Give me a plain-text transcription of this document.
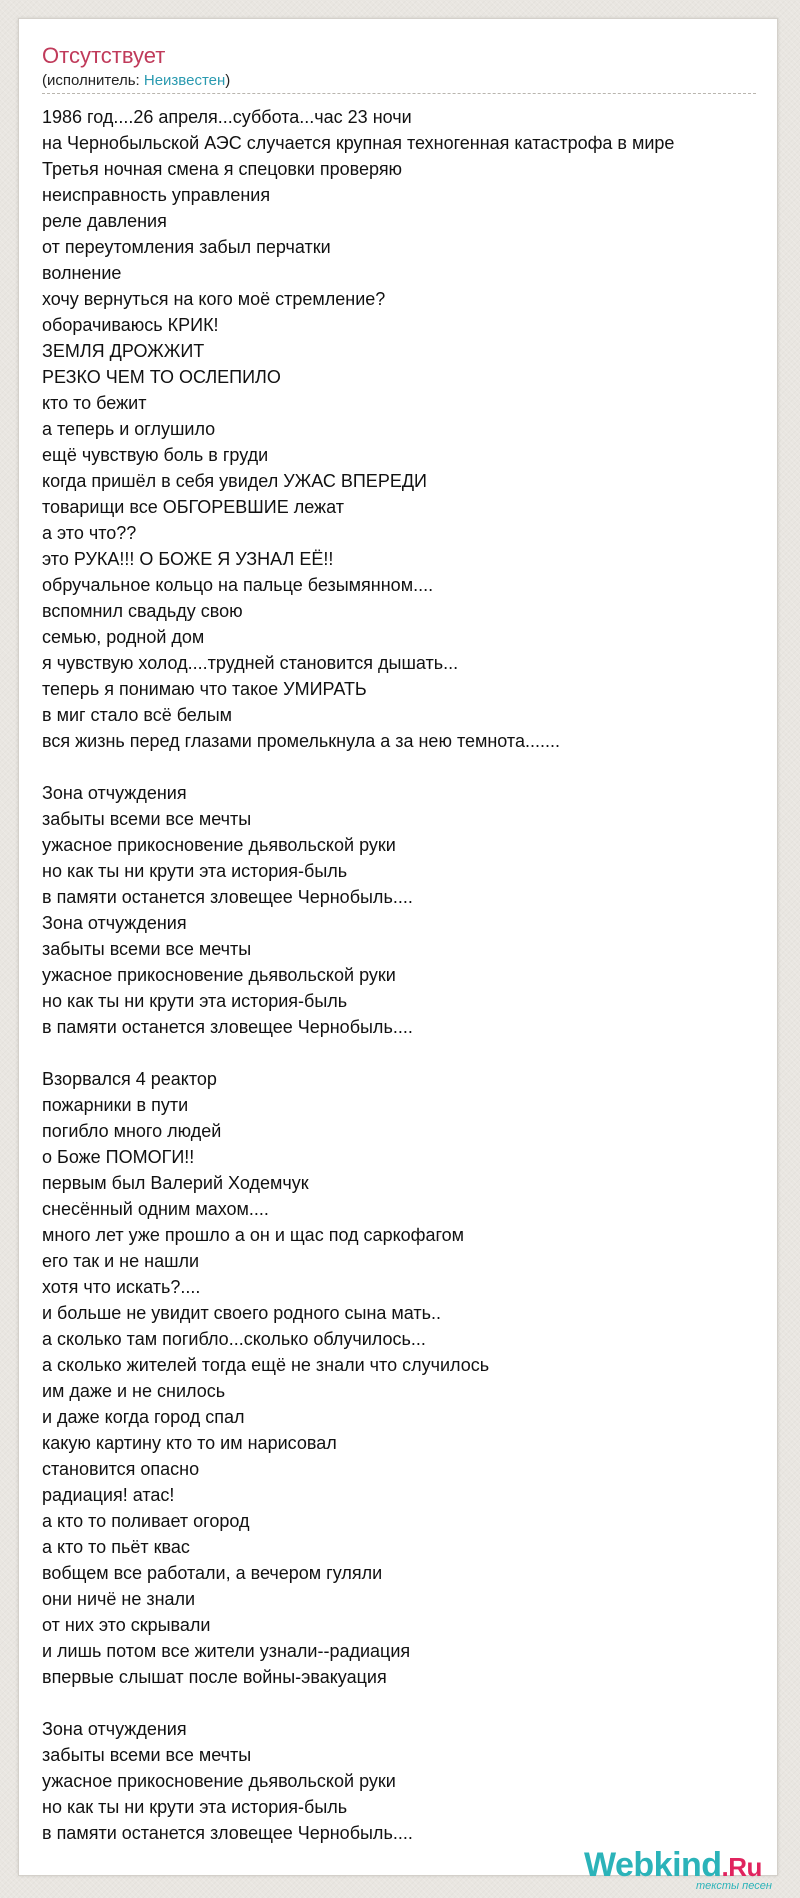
Отсутствует
(исполнитель: Неизвестен)
1986 год....26 апреля...суббота...час 23 ночи
на Чернобыльской АЭС случается крупная техногенная катастрофа в мире
Третья ночная смена я спецовки проверяю
неисправность управления
реле давления
от переутомления забыл перчатки
волнение
хочу вернуться на кого моё стремление?
оборачиваюсь КРИК!
ЗЕМЛЯ ДРОЖЖИТ
РЕЗКО ЧЕМ ТО ОСЛЕПИЛО
кто то бежит
а теперь и оглушило
ещё чувствую боль в груди
когда пришёл в себя увидел УЖАС ВПЕРЕДИ
товарищи все ОБГОРЕВШИЕ лежат
а это что??
это РУКА!!! О БОЖЕ Я УЗНАЛ ЕЁ!!
обручальное кольцо на пальце безымянном....
вспомнил свадьду свою
семью, родной дом
я чувствую холод....трудней становится дышать...
теперь я понимаю что такое УМИРАТЬ
в миг стало всё белым
вся жизнь перед глазами промелькнула а за нею темнота.......
Зона отчуждения
забыты всеми все мечты
ужасное прикосновение дьявольской руки
но как ты ни крути эта история-быль
в памяти останется зловещее Чернобыль....
Зона отчуждения
забыты всеми все мечты
ужасное прикосновение дьявольской руки
но как ты ни крути эта история-быль
в памяти останется зловещее Чернобыль....
Взорвался 4 реактор
пожарники в пути
погибло много людей
о Боже ПОМОГИ!!
первым был Валерий Ходемчук
снесённый одним махом....
много лет уже прошло а он и щас под саркофагом
его так и не нашли
хотя что искать?....
и больше не увидит своего родного сына мать..
а сколько там погибло...сколько облучилось...
а сколько жителей тогда ещё не знали что случилось
им даже и не снилось
и даже когда город спал
какую картину кто то им нарисовал
становится опасно
радиация! атас!
а кто то поливает огород
а кто то пьёт квас
вобщем все работали, а вечером гуляли
они ничё не знали
от них это скрывали
и лишь потом все жители узнали--радиация
впервые слышат после войны-эвакуация
Зона отчуждения
забыты всеми все мечты
ужасное прикосновение дьявольской руки
но как ты ни крути эта история-быль
в памяти останется зловещее Чернобыль....
Webkind.Ru
тексты песен
